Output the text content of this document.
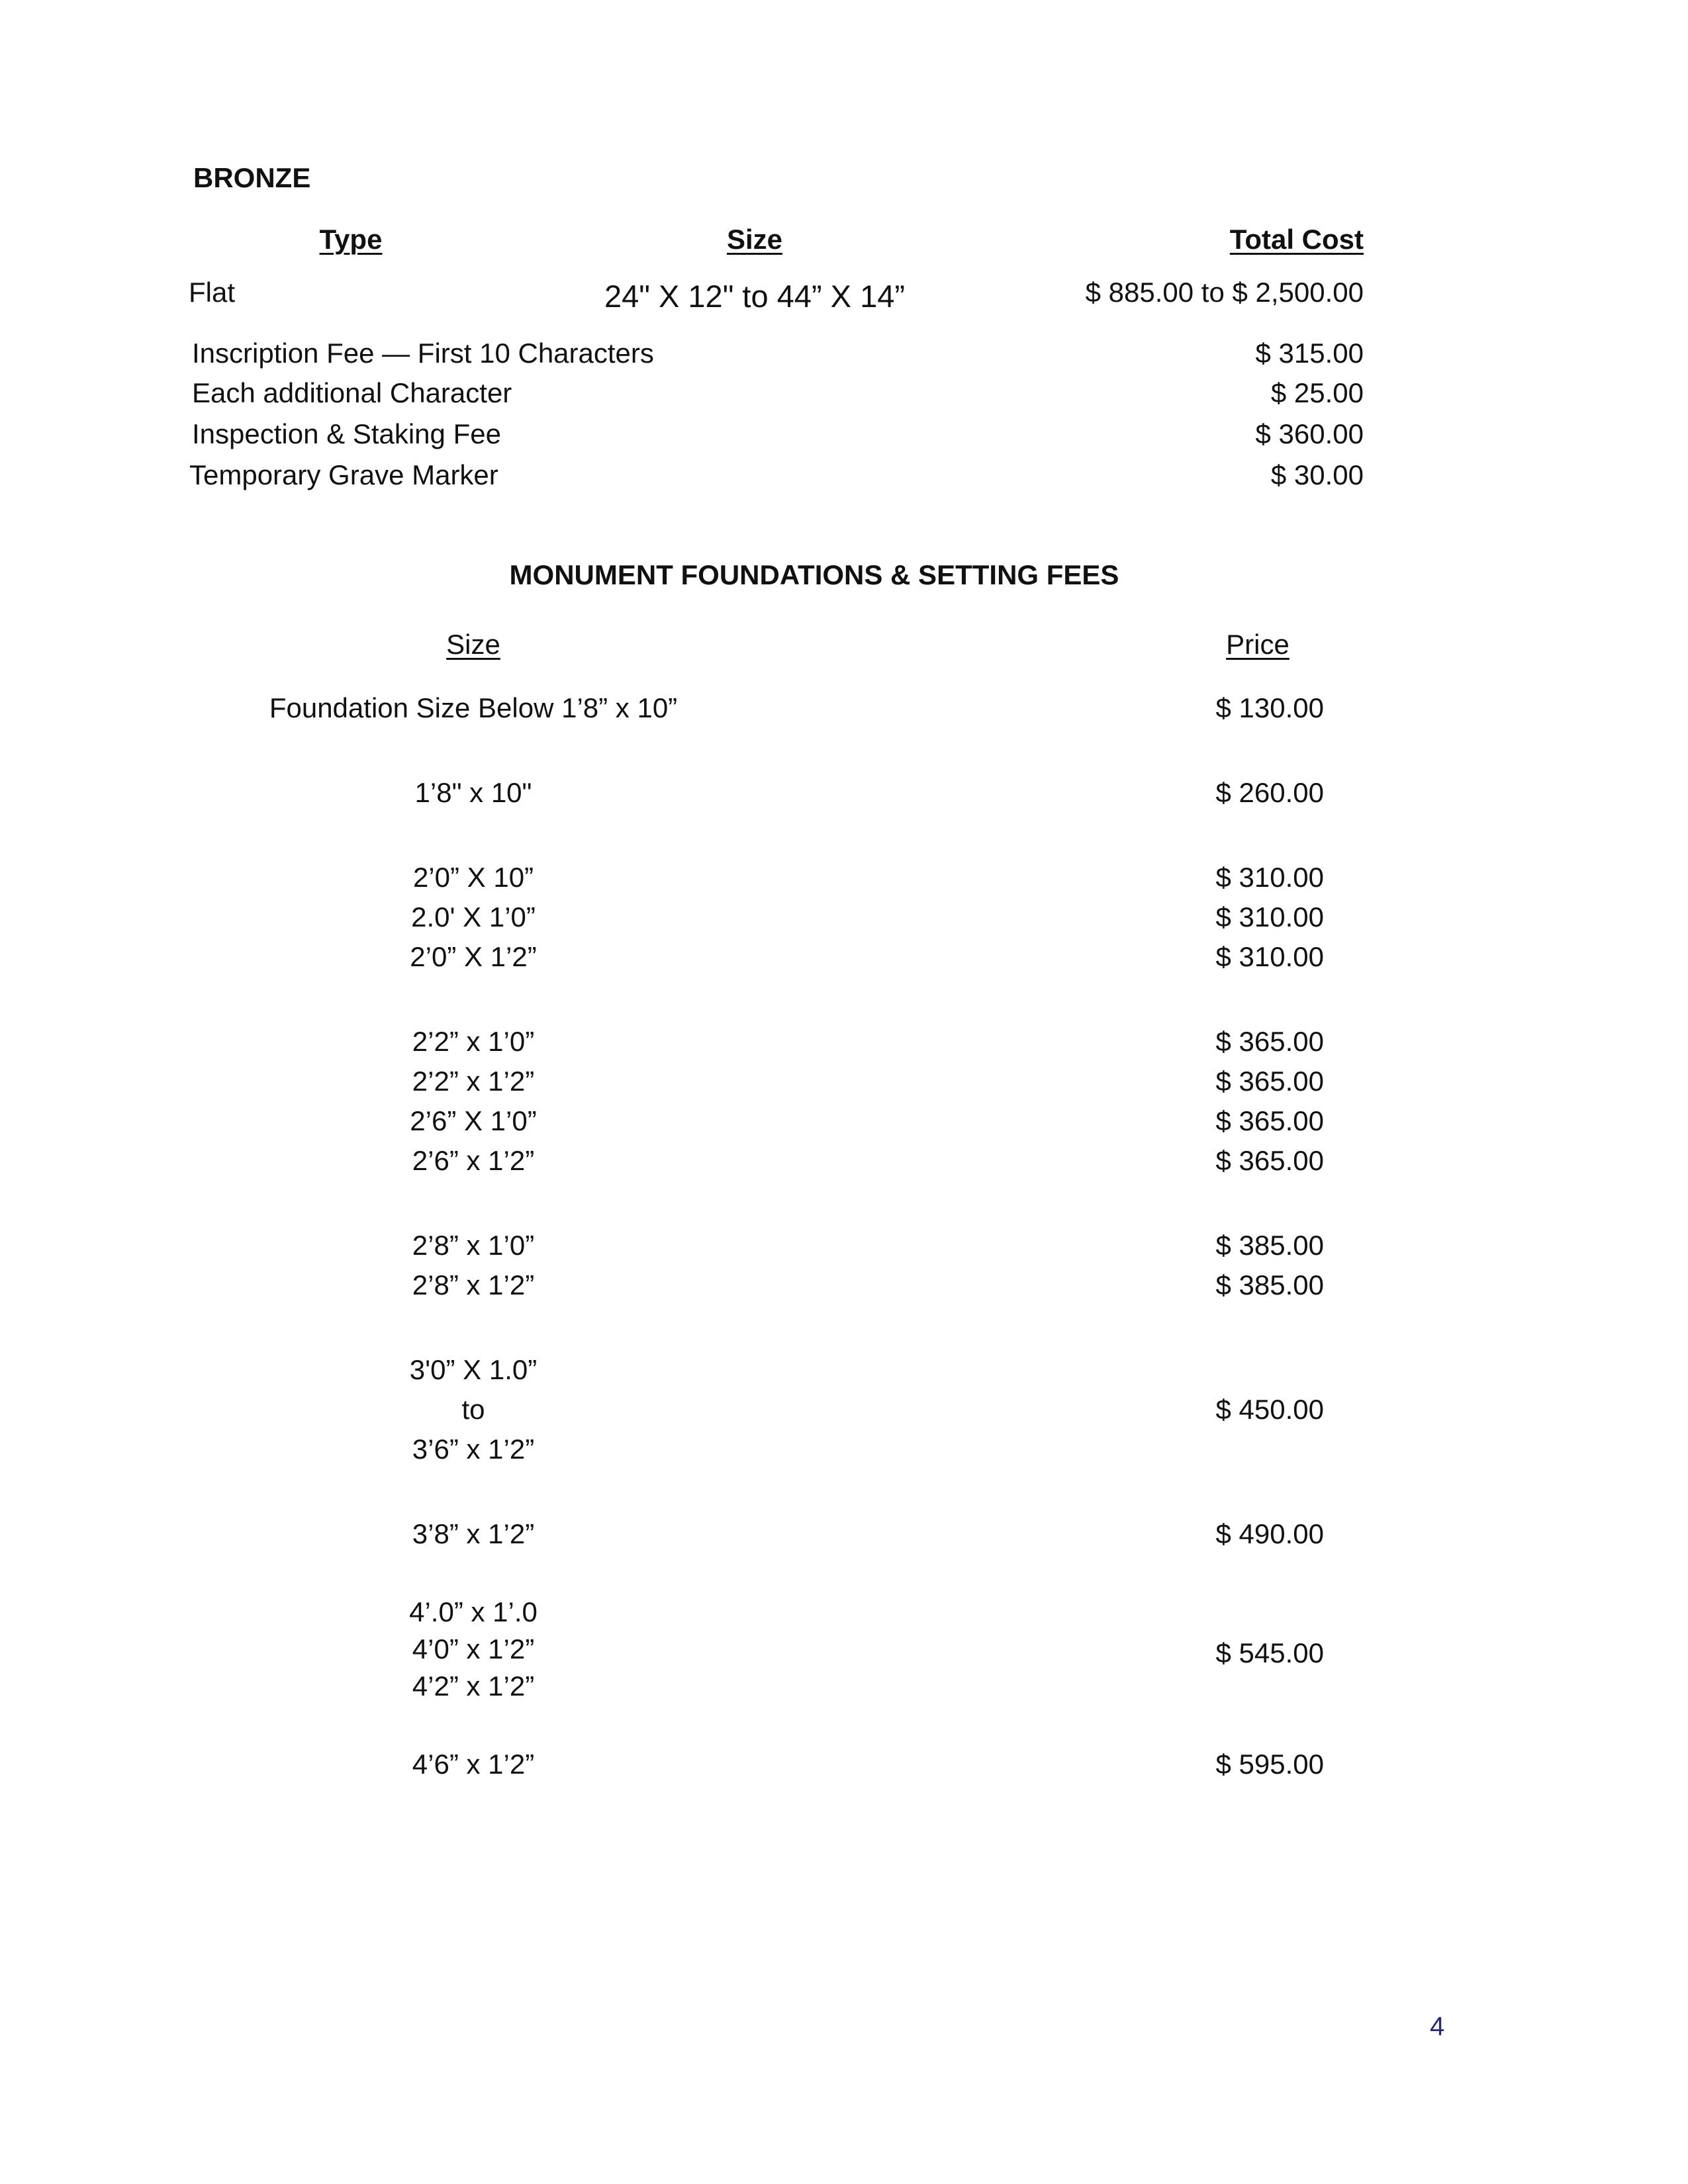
BRONZE
Type	Size	Total Cost
Flat	24" X 12" to 44” X 14”	$ 885.00 to $ 2,500.00
Inscription Fee — First 10 Characters	$ 315.00
Each additional Character	$ 25.00
Inspection & Staking Fee	$ 360.00
Temporary Grave Marker	$ 30.00
MONUMENT FOUNDATIONS & SETTING FEES
Size	Price
Foundation Size Below 1’8” x 10”	$ 130.00
1’8" x 10"	$ 260.00
2’0” X 10”	$ 310.00
2.0' X 1’0”	$ 310.00
2’0” X 1’2”	$ 310.00
2’2” x 1’0”	$ 365.00
2’2” x 1’2”	$ 365.00
2’6” X 1’0”	$ 365.00
2’6” x 1’2”	$ 365.00
2’8” x 1’0”	$ 385.00
2’8” x 1’2”	$ 385.00
3'0” X 1.0”
to	$ 450.00
3’6” x 1’2”
3’8” x 1’2”	$ 490.00
4’.0” x 1’.0
4’0” x 1’2”	$ 545.00
4’2” x 1’2”
4’6” x 1’2”	$ 595.00
4
